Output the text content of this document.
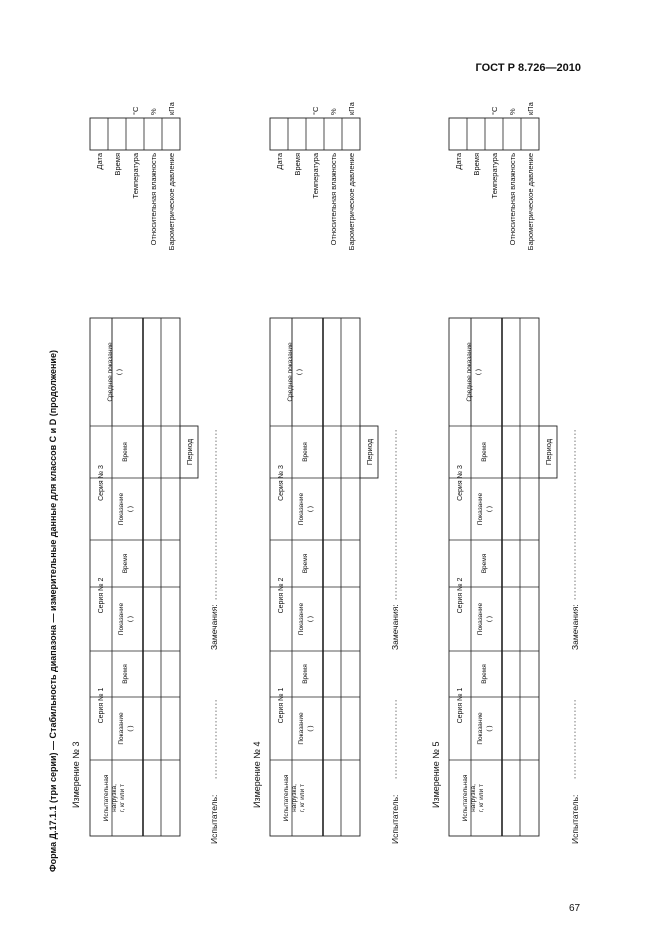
ГОСТ Р 8.726—2010
Форма Д.17.1.1 (три серии) — Стабильность диапазона — измерительные данные для классов C и D (продолжение) Измерение № 3	Измерение № 4	Измерение № 5
Испытатель:
Замечания:
Испытатель:
Замечания:
Испытатель:
Замечания:
67
Период
Испытательная нагрузка, г, кг или т
Серия № 1
Серия № 2
Серия № 3
Показание ( )
Время
Показание ( )
Время
Показание ( )
Время
Среднее показание ( )
Дата Время Температура Относительная влажность Барометрическое давление
°C % кПа
Период
Испытательная нагрузка, г, кг или т
Серия № 1
Серия № 2
Серия № 3
Показание ( )
Время
Показание ( )
Время
Показание ( )
Время
Среднее показание ( )
Дата Время Температура Относительная влажность Барометрическое давление
°C % кПа
Период
Испытательная нагрузка, г, кг или т
Серия № 1
Серия № 2
Серия № 3
Показание ( )
Время
Показание ( )
Время
Показание ( )
Время
Среднее показание ( )
Дата Время Температура Относительная влажность Барометрическое давление
°C % кПа
